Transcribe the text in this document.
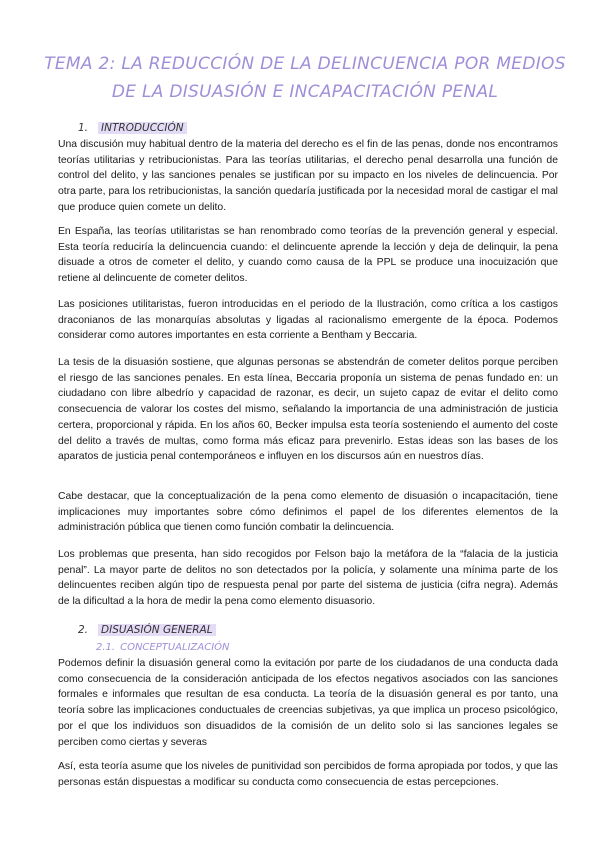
TEMA 2: LA REDUCCIÓN DE LA DELINCUENCIA POR MEDIOS DE LA DISUASIÓN E INCAPACITACIÓN PENAL
1. INTRODUCCIÓN

Una discusión muy habitual dentro de la materia del derecho es el fin de las penas, donde nos encontramos teorías utilitarias y retribucionistas. Para las teorías utilitarias, el derecho penal desarrolla una función de control del delito, y las sanciones penales se justifican por su impacto en los niveles de delincuencia. Por otra parte, para los retribucionistas, la sanción quedaría justificada por la necesidad moral de castigar el mal que produce quien comete un delito.

En España, las teorías utilitaristas se han renombrado como teorías de la prevención general y especial. Esta teoría reduciría la delincuencia cuando: el delincuente aprende la lección y deja de delinquir, la pena disuade a otros de cometer el delito, y cuando como causa de la PPL se produce una inocuización que retiene al delincuente de cometer delitos.

Las posiciones utilitaristas, fueron introducidas en el periodo de la Ilustración, como crítica a los castigos draconianos de las monarquías absolutas y ligadas al racionalismo emergente de la época. Podemos considerar como autores importantes en esta corriente a Bentham y Beccaria.

La tesis de la disuasión sostiene, que algunas personas se abstendrán de cometer delitos porque perciben el riesgo de las sanciones penales. En esta línea, Beccaria proponía un sistema de penas fundado en: un ciudadano con libre albedrío y capacidad de razonar, es decir, un sujeto capaz de evitar el delito como consecuencia de valorar los costes del mismo, señalando la importancia de una administración de justicia certera, proporcional y rápida. En los años 60, Becker impulsa esta teoría sosteniendo el aumento del coste del delito a través de multas, como forma más eficaz para prevenirlo. Estas ideas son las bases de los aparatos de justicia penal contemporáneos e influyen en los discursos aún en nuestros días.

Cabe destacar, que la conceptualización de la pena como elemento de disuasión o incapacitación, tiene implicaciones muy importantes sobre cómo definimos el papel de los diferentes elementos de la administración pública que tienen como función combatir la delincuencia.

Los problemas que presenta, han sido recogidos por Felson bajo la metáfora de la “falacia de la justicia penal”. La mayor parte de delitos no son detectados por la policía, y solamente una mínima parte de los delincuentes reciben algún tipo de respuesta penal por parte del sistema de justicia (cifra negra). Además de la dificultad a la hora de medir la pena como elemento disuasorio.

2. DISUASIÓN GENERAL
2.1. CONCEPTUALIZACIÓN

Podemos definir la disuasión general como la evitación por parte de los ciudadanos de una conducta dada como consecuencia de la consideración anticipada de los efectos negativos asociados con las sanciones formales e informales que resultan de esa conducta. La teoría de la disuasión general es por tanto, una teoría sobre las implicaciones conductuales de creencias subjetivas, ya que implica un proceso psicológico, por el que los individuos son disuadidos de la comisión de un delito solo si las sanciones legales se perciben como ciertas y severas

Así, esta teoría asume que los niveles de punitividad son percibidos de forma apropiada por todos, y que las personas están dispuestas a modificar su conducta como consecuencia de estas percepciones.
